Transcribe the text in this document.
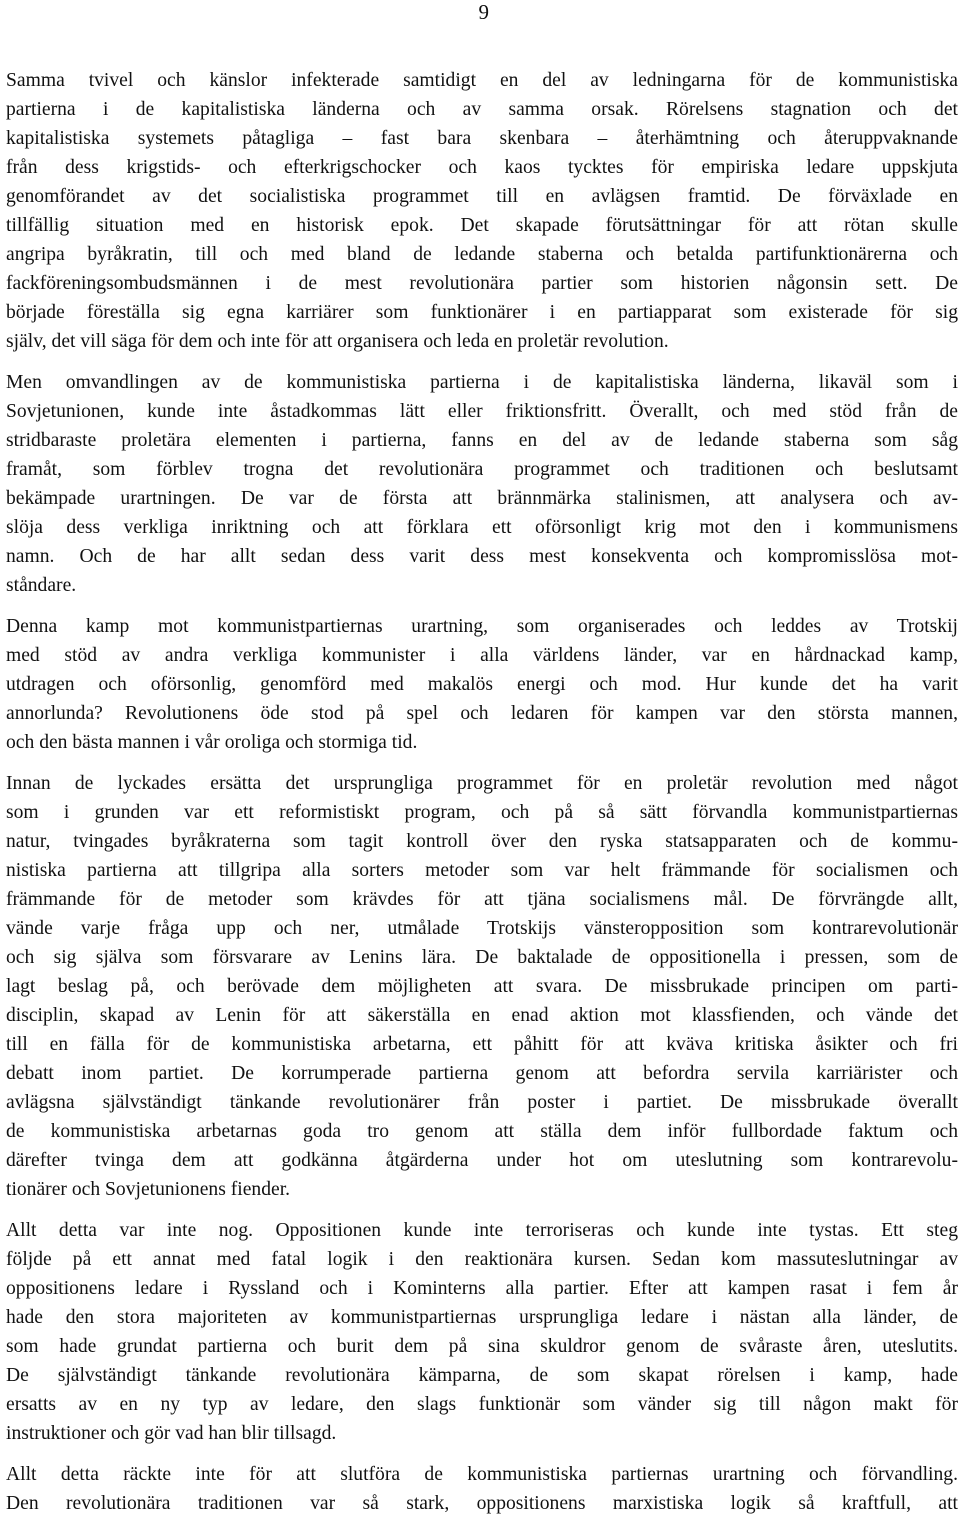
9

Samma tvivel och känslor infekterade samtidigt en del av ledningarna för de kommunistiska
partierna i de kapitalistiska länderna och av samma orsak. Rörelsens stagnation och det
kapitalistiska systemets påtagliga – fast bara skenbara – återhämtning och återuppvaknande
från dess krigstids- och efterkrigschocker och kaos tycktes för empiriska ledare uppskjuta
genomförandet av det socialistiska programmet till en avlägsen framtid. De förväxlade en
tillfällig situation med en historisk epok. Det skapade förutsättningar för att rötan skulle
angripa byråkratin, till och med bland de ledande staberna och betalda partifunktionärerna och
fackföreningsombudsmännen i de mest revolutionära partier som historien någonsin sett. De
började föreställa sig egna karriärer som funktionärer i en partiapparat som existerade för sig
själv, det vill säga för dem och inte för att organisera och leda en proletär revolution.

Men omvandlingen av de kommunistiska partierna i de kapitalistiska länderna, likaväl som i
Sovjetunionen, kunde inte åstadkommas lätt eller friktionsfritt. Överallt, och med stöd från de
stridbaraste proletära elementen i partierna, fanns en del av de ledande staberna som såg
framåt, som förblev trogna det revolutionära programmet och traditionen och beslutsamt
bekämpade urartningen. De var de första att brännmärka stalinismen, att analysera och av-
slöja dess verkliga inriktning och att förklara ett oförsonligt krig mot den i kommunismens
namn. Och de har allt sedan dess varit dess mest konsekventa och kompromisslösa mot-
ståndare.

Denna kamp mot kommunistpartiernas urartning, som organiserades och leddes av Trotskij
med stöd av andra verkliga kommunister i alla världens länder, var en hårdnackad kamp,
utdragen och oförsonlig, genomförd med makalös energi och mod. Hur kunde det ha varit
annorlunda? Revolutionens öde stod på spel och ledaren för kampen var den största mannen,
och den bästa mannen i vår oroliga och stormiga tid.

Innan de lyckades ersätta det ursprungliga programmet för en proletär revolution med något
som i grunden var ett reformistiskt program, och på så sätt förvandla kommunistpartiernas
natur, tvingades byråkraterna som tagit kontroll över den ryska statsapparaten och de kommu-
nistiska partierna att tillgripa alla sorters metoder som var helt främmande för socialismen och
främmande för de metoder som krävdes för att tjäna socialismens mål. De förvrängde allt,
vände varje fråga upp och ner, utmålade Trotskijs vänsteropposition som kontrarevolutionär
och sig själva som försvarare av Lenins lära. De baktalade de oppositionella i pressen, som de
lagt beslag på, och berövade dem möjligheten att svara. De missbrukade principen om parti-
disciplin, skapad av Lenin för att säkerställa en enad aktion mot klassfienden, och vände det
till en fälla för de kommunistiska arbetarna, ett påhitt för att kväva kritiska åsikter och fri
debatt inom partiet. De korrumperade partierna genom att befordra servila karriärister och
avlägsna självständigt tänkande revolutionärer från poster i partiet. De missbrukade överallt
de kommunistiska arbetarnas goda tro genom att ställa dem inför fullbordade faktum och
därefter tvinga dem att godkänna åtgärderna under hot om uteslutning som kontrarevolu-
tionärer och Sovjetunionens fiender.

Allt detta var inte nog. Oppositionen kunde inte terroriseras och kunde inte tystas. Ett steg
följde på ett annat med fatal logik i den reaktionära kursen. Sedan kom massuteslutningar av
oppositionens ledare i Ryssland och i Kominterns alla partier. Efter att kampen rasat i fem år
hade den stora majoriteten av kommunistpartiernas ursprungliga ledare i nästan alla länder, de
som hade grundat partierna och burit dem på sina skuldror genom de svåraste åren, uteslutits.
De självständigt tänkande revolutionära kämparna, de som skapat rörelsen i kamp, hade
ersatts av en ny typ av ledare, den slags funktionär som vänder sig till någon makt för
instruktioner och gör vad han blir tillsagd.

Allt detta räckte inte för att slutföra de kommunistiska partiernas urartning och förvandling.
Den revolutionära traditionen var så stark, oppositionens marxistiska logik så kraftfull, att
